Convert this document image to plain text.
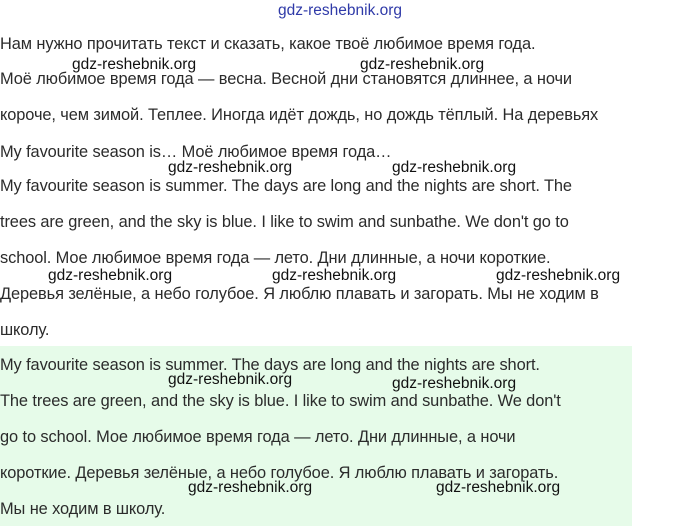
gdz-reshebnik.org
Нам нужно прочитать текст и сказать, какое твоё любимое время года.
Моё любимое время года — весна. Весной дни становятся длиннее, а ночи
короче, чем зимой. Теплее. Иногда идёт дождь, но дождь тёплый. На деревьях
My favourite season is… Моё любимое время года…
My favourite season is summer. The days are long and the nights are short. The
trees are green, and the sky is blue. I like to swim and sunbathe. We don't go to
school. Мое любимое время года — лето. Дни длинные, а ночи короткие.
Деревья зелёные, а небо голубое. Я люблю плавать и загорать. Мы не ходим в
школу.
My favourite season is summer. The days are long and the nights are short.
The trees are green, and the sky is blue. I like to swim and sunbathe. We don't
go to school. Мое любимое время года — лето. Дни длинные, а ночи
короткие. Деревья зелёные, а небо голубое. Я люблю плавать и загорать.
Мы не ходим в школу.
gdz-reshebnik.org	gdz-reshebnik.org
gdz-reshebnik.org	gdz-reshebnik.org
gdz-reshebnik.org	gdz-reshebnik.org	gdz-reshebnik.org
gdz-reshebnik.org	gdz-reshebnik.org
gdz-reshebnik.org	gdz-reshebnik.org
